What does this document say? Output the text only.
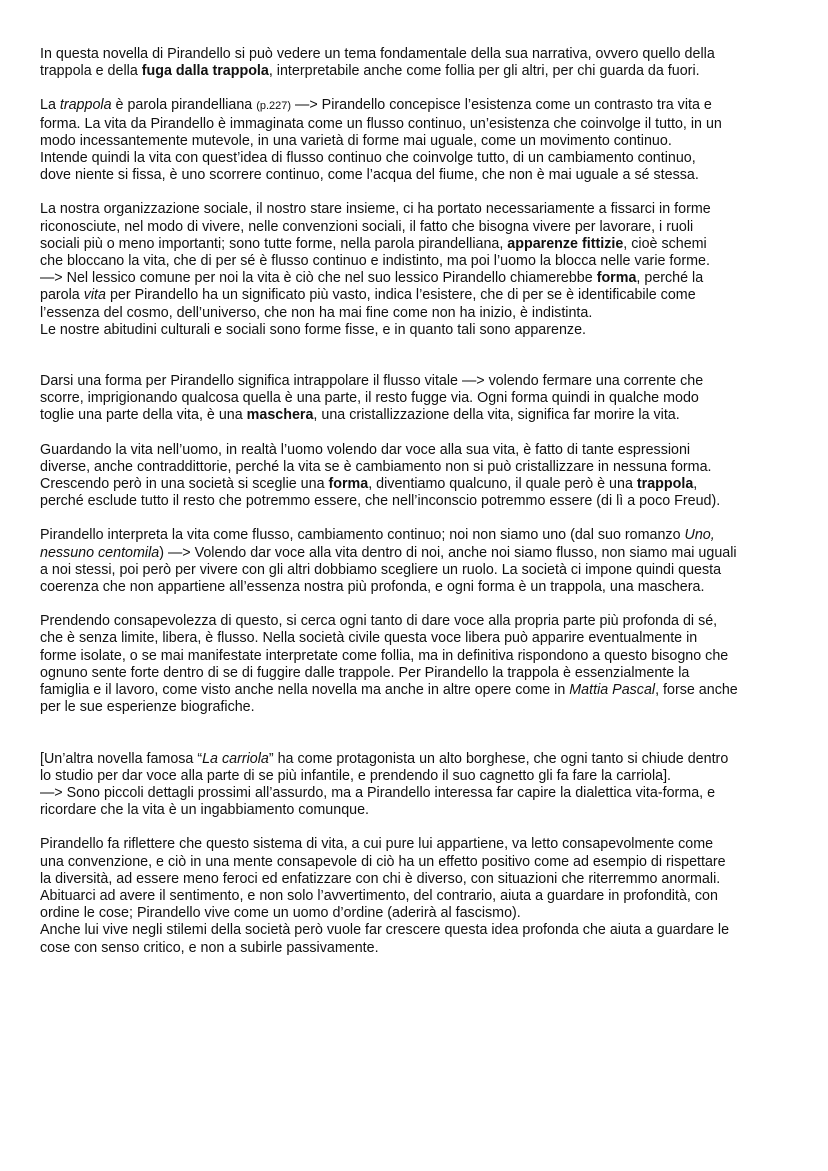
In questa novella di Pirandello si può vedere un tema fondamentale della sua narrativa, ovvero quello della
trappola e della fuga dalla trappola, interpretabile anche come follia per gli altri, per chi guarda da fuori.
La trappola è parola pirandelliana (p.227) —> Pirandello concepisce l’esistenza come un contrasto tra vita e
forma. La vita da Pirandello è immaginata come un flusso continuo, un’esistenza che coinvolge il tutto, in un
modo incessantemente mutevole, in una varietà di forme mai uguale, come un movimento continuo.
Intende quindi la vita con quest’idea di flusso continuo che coinvolge tutto, di un cambiamento continuo,
dove niente si fissa, è uno scorrere continuo, come l’acqua del fiume, che non è mai uguale a sé stessa.
La nostra organizzazione sociale, il nostro stare insieme, ci ha portato necessariamente a fissarci in forme
riconosciute, nel modo di vivere, nelle convenzioni sociali, il fatto che bisogna vivere per lavorare, i ruoli
sociali più o meno importanti; sono tutte forme, nella parola pirandelliana, apparenze fittizie, cioè schemi
che bloccano la vita, che di per sé è flusso continuo e indistinto, ma poi l’uomo la blocca nelle varie forme.
—> Nel lessico comune per noi la vita è ciò che nel suo lessico Pirandello chiamerebbe forma, perché la
parola vita per Pirandello ha un significato più vasto, indica l’esistere, che di per se è identificabile come
l’essenza del cosmo, dell’universo, che non ha mai fine come non ha inizio, è indistinta.
Le nostre abitudini culturali e sociali sono forme fisse, e in quanto tali sono apparenze.
Darsi una forma per Pirandello significa intrappolare il flusso vitale —> volendo fermare una corrente che
scorre, imprigionando qualcosa quella è una parte, il resto fugge via. Ogni forma quindi in qualche modo
toglie una parte della vita, è una maschera, una cristallizzazione della vita, significa far morire la vita.
Guardando la vita nell’uomo, in realtà l’uomo volendo dar voce alla sua vita, è fatto di tante espressioni
diverse, anche contraddittorie, perché la vita se è cambiamento non si può cristallizzare in nessuna forma.
Crescendo però in una società si sceglie una forma, diventiamo qualcuno, il quale però è una trappola,
perché esclude tutto il resto che potremmo essere, che nell’inconscio potremmo essere (di lì a poco Freud).
Pirandello interpreta la vita come flusso, cambiamento continuo; noi non siamo uno (dal suo romanzo Uno,
nessuno centomila) —> Volendo dar voce alla vita dentro di noi, anche noi siamo flusso, non siamo mai uguali
a noi stessi, poi però per vivere con gli altri dobbiamo scegliere un ruolo. La società ci impone quindi questa
coerenza che non appartiene all’essenza nostra più profonda, e ogni forma è un trappola, una maschera.
Prendendo consapevolezza di questo, si cerca ogni tanto di dare voce alla propria parte più profonda di sé,
che è senza limite, libera, è flusso. Nella società civile questa voce libera può apparire eventualmente in
forme isolate, o se mai manifestate interpretate come follia, ma in definitiva rispondono a questo bisogno che
ognuno sente forte dentro di se di fuggire dalle trappole. Per Pirandello la trappola è essenzialmente la
famiglia e il lavoro, come visto anche nella novella ma anche in altre opere come in Mattia Pascal, forse anche
per le sue esperienze biografiche.
[Un’altra novella famosa “La carriola” ha come protagonista un alto borghese, che ogni tanto si chiude dentro
lo studio per dar voce alla parte di se più infantile, e prendendo il suo cagnetto gli fa fare la carriola].
—> Sono piccoli dettagli prossimi all’assurdo, ma a Pirandello interessa far capire la dialettica vita-forma, e
ricordare che la vita è un ingabbiamento comunque.
Pirandello fa riflettere che questo sistema di vita, a cui pure lui appartiene, va letto consapevolmente come
una convenzione, e ciò in una mente consapevole di ciò ha un effetto positivo come ad esempio di rispettare
la diversità, ad essere meno feroci ed enfatizzare con chi è diverso, con situazioni che riterremmo anormali.
Abituarci ad avere il sentimento, e non solo l’avvertimento, del contrario, aiuta a guardare in profondità, con
ordine le cose; Pirandello vive come un uomo d’ordine (aderirà al fascismo).
Anche lui vive negli stilemi della società però vuole far crescere questa idea profonda che aiuta a guardare le
cose con senso critico, e non a subirle passivamente.
